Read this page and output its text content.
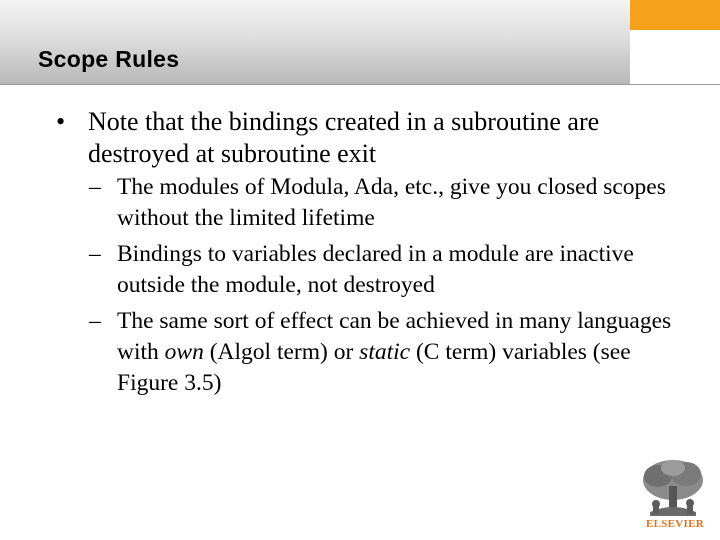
Scope Rules
• Note that the bindings created in a subroutine are destroyed at subroutine exit
– The modules of Modula, Ada, etc., give you closed scopes without the limited lifetime
– Bindings to variables declared in a module are inactive outside the module, not destroyed
– The same sort of effect can be achieved in many languages with own (Algol term) or static (C term) variables (see Figure 3.5)
ELSEVIER
